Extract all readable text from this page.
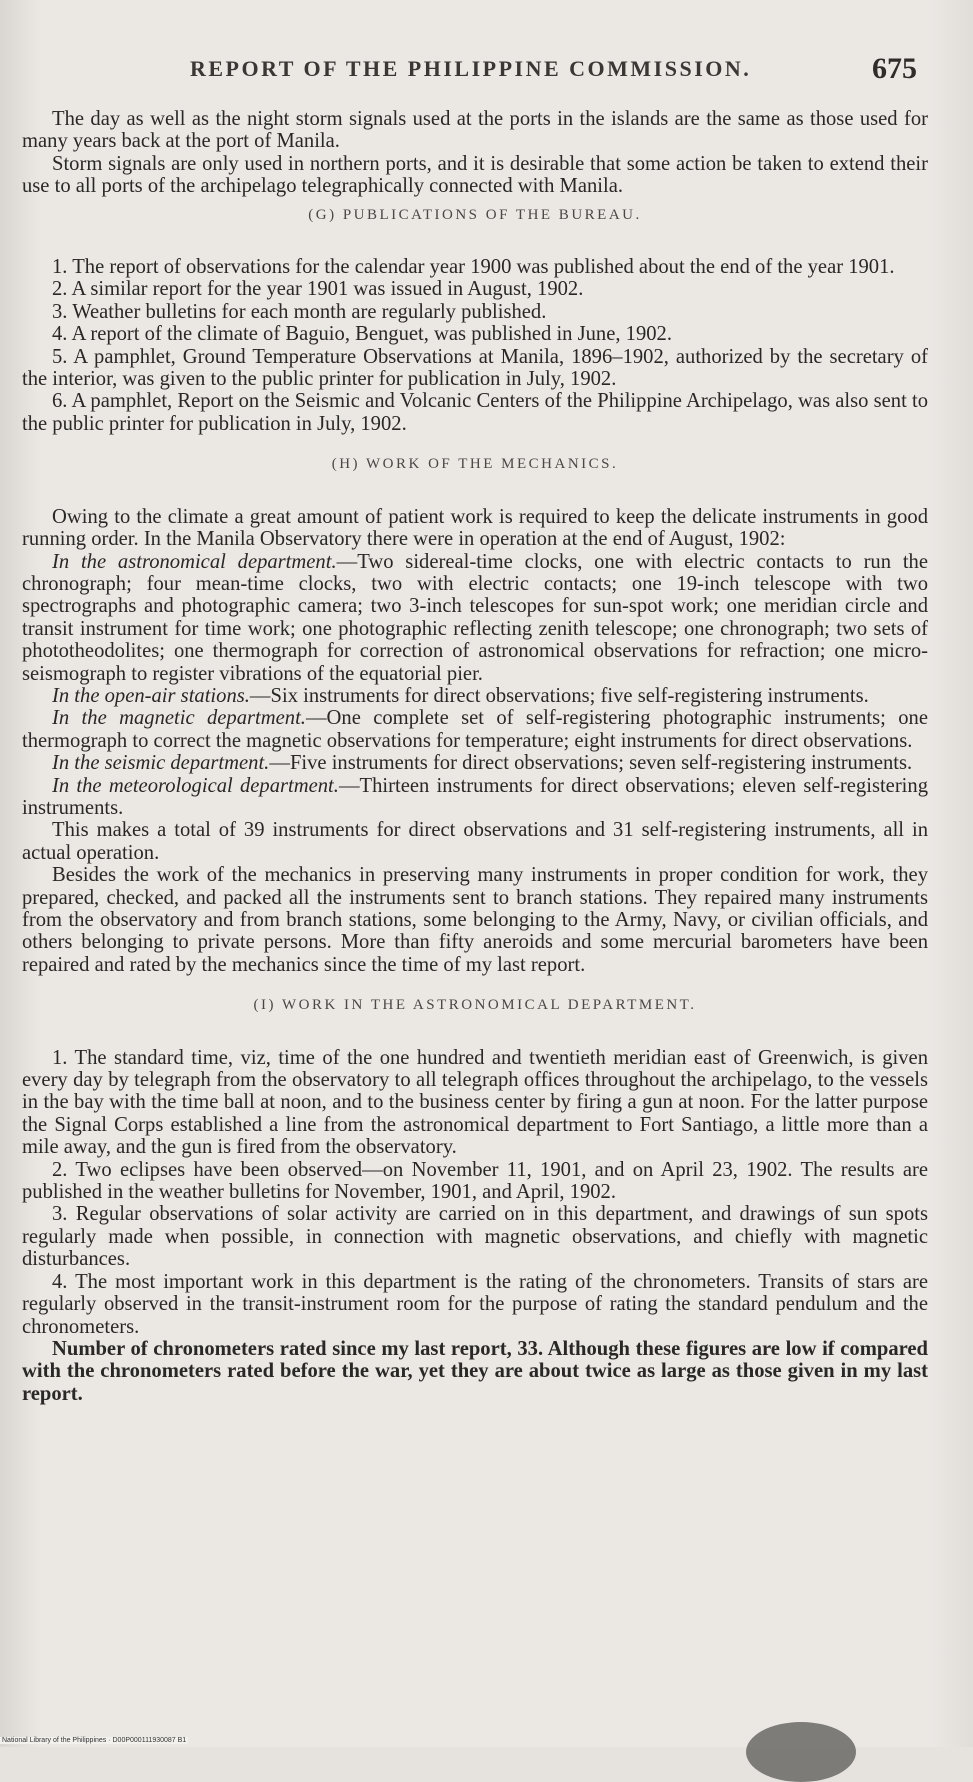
REPORT OF THE PHILIPPINE COMMISSION.	675

The day as well as the night storm signals used at the ports in the islands are the same as those used for many years back at the port of Manila.

Storm signals are only used in northern ports, and it is desirable that some action be taken to extend their use to all ports of the archipelago telegraphically connected with Manila.

(G) PUBLICATIONS OF THE BUREAU.

1. The report of observations for the calendar year 1900 was published about the end of the year 1901.

2. A similar report for the year 1901 was issued in August, 1902.

3. Weather bulletins for each month are regularly published.

4. A report of the climate of Baguio, Benguet, was published in June, 1902.

5. A pamphlet, Ground Temperature Observations at Manila, 1896–1902, authorized by the secretary of the interior, was given to the public printer for publication in July, 1902.

6. A pamphlet, Report on the Seismic and Volcanic Centers of the Philippine Archipelago, was also sent to the public printer for publication in July, 1902.

(H) WORK OF THE MECHANICS.

Owing to the climate a great amount of patient work is required to keep the delicate instruments in good running order. In the Manila Observatory there were in operation at the end of August, 1902:

In the astronomical department.—Two sidereal-time clocks, one with electric contacts to run the chronograph; four mean-time clocks, two with electric contacts; one 19-inch telescope with two spectrographs and photographic camera; two 3-inch telescopes for sun-spot work; one meridian circle and transit instrument for time work; one photographic reflecting zenith telescope; one chronograph; two sets of phototheodolites; one thermograph for correction of astronomical observations for refraction; one micro-seismograph to register vibrations of the equatorial pier.

In the open-air stations.—Six instruments for direct observations; five self-registering instruments.

In the magnetic department.—One complete set of self-registering photographic instruments; one thermograph to correct the magnetic observations for temperature; eight instruments for direct observations.

In the seismic department.—Five instruments for direct observations; seven self-registering instruments.

In the meteorological department.—Thirteen instruments for direct observations; eleven self-registering instruments.

This makes a total of 39 instruments for direct observations and 31 self-registering instruments, all in actual operation.

Besides the work of the mechanics in preserving many instruments in proper condition for work, they prepared, checked, and packed all the instruments sent to branch stations. They repaired many instruments from the observatory and from branch stations, some belonging to the Army, Navy, or civilian officials, and others belonging to private persons. More than fifty aneroids and some mercurial barometers have been repaired and rated by the mechanics since the time of my last report.

(I) WORK IN THE ASTRONOMICAL DEPARTMENT.

1. The standard time, viz, time of the one hundred and twentieth meridian east of Greenwich, is given every day by telegraph from the observatory to all telegraph offices throughout the archipelago, to the vessels in the bay with the time ball at noon, and to the business center by firing a gun at noon. For the latter purpose the Signal Corps established a line from the astronomical department to Fort Santiago, a little more than a mile away, and the gun is fired from the observatory.

2. Two eclipses have been observed—on November 11, 1901, and on April 23, 1902. The results are published in the weather bulletins for November, 1901, and April, 1902.

3. Regular observations of solar activity are carried on in this department, and drawings of sun spots regularly made when possible, in connection with magnetic observations, and chiefly with magnetic disturbances.

4. The most important work in this department is the rating of the chronometers. Transits of stars are regularly observed in the transit-instrument room for the purpose of rating the standard pendulum and the chronometers.

Number of chronometers rated since my last report, 33. Although these figures are low if compared with the chronometers rated before the war, yet they are about twice as large as those given in my last report.

National Library of the Philippines · D00P000111930087 B1
